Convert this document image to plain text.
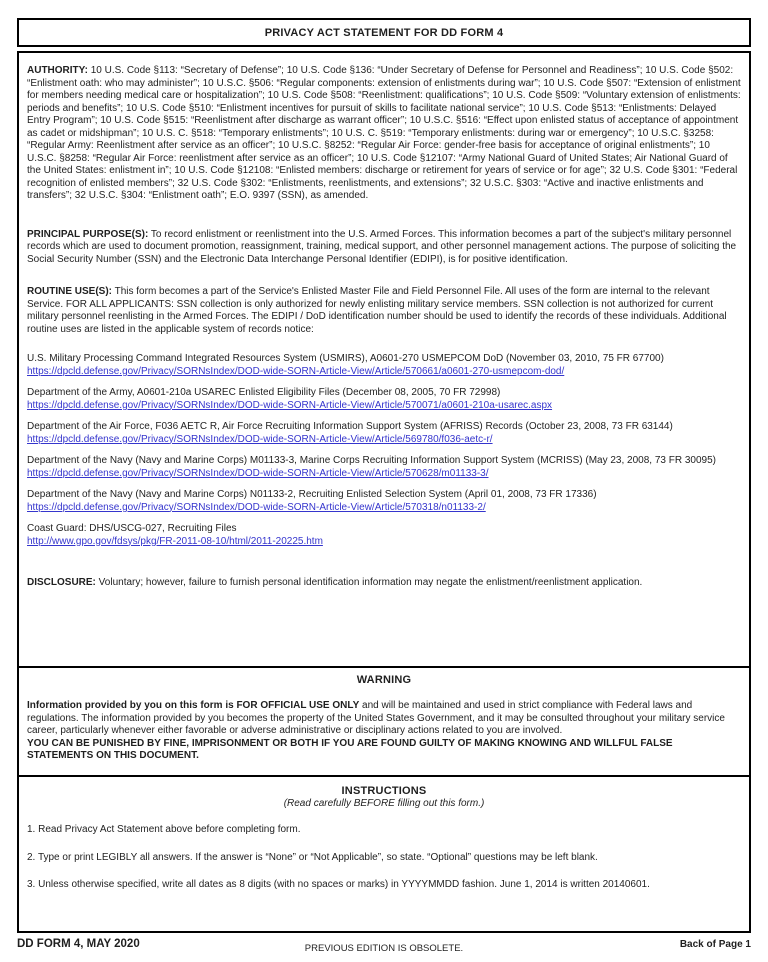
PRIVACY ACT STATEMENT FOR DD FORM 4
AUTHORITY: 10 U.S. Code §113: “Secretary of Defense”; 10 U.S. Code §136: “Under Secretary of Defense for Personnel and Readiness”; 10 U.S. Code §502: “Enlistment oath: who may administer”; 10 U.S.C. §506: “Regular components: extension of enlistments during war”; 10 U.S. Code §507: “Extension of enlistment for members needing medical care or hospitalization”; 10 U.S. Code §508: “Reenlistment: qualifications”; 10 U.S. Code §509: “Voluntary extension of enlistments: periods and benefits”; 10 U.S. Code §510: “Enlistment incentives for pursuit of skills to facilitate national service”; 10 U.S. Code §513: “Enlistments: Delayed Entry Program”; 10 U.S. Code §515: “Reenlistment after discharge as warrant officer”; 10 U.S.C. §516: “Effect upon enlisted status of acceptance of appointment as cadet or midshipman”; 10 U.S. C. §518: “Temporary enlistments”; 10 U.S. C. §519: “Temporary enlistments: during war or emergency”; 10 U.S.C. §3258: “Regular Army: Reenlistment after service as an officer”; 10 U.S.C. §8252: “Regular Air Force: gender-free basis for acceptance of original enlistments”; 10 U.S.C. §8258: “Regular Air Force: reenlistment after service as an officer”; 10 U.S. Code §12107: “Army National Guard of United States; Air National Guard of the United States: enlistment in”; 10 U.S. Code §12108: “Enlisted members: discharge or retirement for years of service or for age”; 32 U.S. Code §301: “Federal recognition of enlisted members”; 32 U.S. Code §302: “Enlistments, reenlistments, and extensions”; 32 U.S.C. §303: “Active and inactive enlistments and transfers”; 32 U.S.C. §304: “Enlistment oath”; E.O. 9397 (SSN), as amended.
PRINCIPAL PURPOSE(S): To record enlistment or reenlistment into the U.S. Armed Forces. This information becomes a part of the subject's military personnel records which are used to document promotion, reassignment, training, medical support, and other personnel management actions. The purpose of soliciting the Social Security Number (SSN) and the Electronic Data Interchange Personal Identifier (EDIPI), is for positive identification.
ROUTINE USE(S): This form becomes a part of the Service's Enlisted Master File and Field Personnel File. All uses of the form are internal to the relevant Service. FOR ALL APPLICANTS: SSN collection is only authorized for newly enlisting military service members. SSN collection is not authorized for current military personnel reenlisting in the Armed Forces. The EDIPI / DoD identification number should be used to identify the records of these individuals. Additional routine uses are listed in the applicable system of records notice:
U.S. Military Processing Command Integrated Resources System (USMIRS), A0601-270 USMEPCOM DoD (November 03, 2010, 75 FR 67700)
https://dpcld.defense.gov/Privacy/SORNsIndex/DOD-wide-SORN-Article-View/Article/570661/a0601-270-usmepcom-dod/
Department of the Army, A0601-210a USAREC Enlisted Eligibility Files (December 08, 2005, 70 FR 72998)
https://dpcld.defense.gov/Privacy/SORNsIndex/DOD-wide-SORN-Article-View/Article/570071/a0601-210a-usarec.aspx
Department of the Air Force, F036 AETC R, Air Force Recruiting Information Support System (AFRISS) Records (October 23, 2008, 73 FR 63144)
https://dpcld.defense.gov/Privacy/SORNsIndex/DOD-wide-SORN-Article-View/Article/569780/f036-aetc-r/
Department of the Navy (Navy and Marine Corps) M01133-3, Marine Corps Recruiting Information Support System (MCRISS) (May 23, 2008, 73 FR 30095)
https://dpcld.defense.gov/Privacy/SORNsIndex/DOD-wide-SORN-Article-View/Article/570628/m01133-3/
Department of the Navy (Navy and Marine Corps) N01133-2, Recruiting Enlisted Selection System (April 01, 2008, 73 FR 17336)
https://dpcld.defense.gov/Privacy/SORNsIndex/DOD-wide-SORN-Article-View/Article/570318/n01133-2/
Coast Guard: DHS/USCG-027, Recruiting Files
http://www.gpo.gov/fdsys/pkg/FR-2011-08-10/html/2011-20225.htm
DISCLOSURE: Voluntary; however, failure to furnish personal identification information may negate the enlistment/reenlistment application.
WARNING
Information provided by you on this form is FOR OFFICIAL USE ONLY and will be maintained and used in strict compliance with Federal laws and regulations. The information provided by you becomes the property of the United States Government, and it may be consulted throughout your military service career, particularly whenever either favorable or adverse administrative or disciplinary actions related to you are involved.
YOU CAN BE PUNISHED BY FINE, IMPRISONMENT OR BOTH IF YOU ARE FOUND GUILTY OF MAKING KNOWING AND WILLFUL FALSE STATEMENTS ON THIS DOCUMENT.
INSTRUCTIONS
(Read carefully BEFORE filling out this form.)
1. Read Privacy Act Statement above before completing form.
2. Type or print LEGIBLY all answers. If the answer is “None” or “Not Applicable”, so state. “Optional” questions may be left blank.
3. Unless otherwise specified, write all dates as 8 digits (with no spaces or marks) in YYYYMMDD fashion. June 1, 2014 is written 20140601.
DD FORM 4, MAY 2020	PREVIOUS EDITION IS OBSOLETE.	Back of Page 1
